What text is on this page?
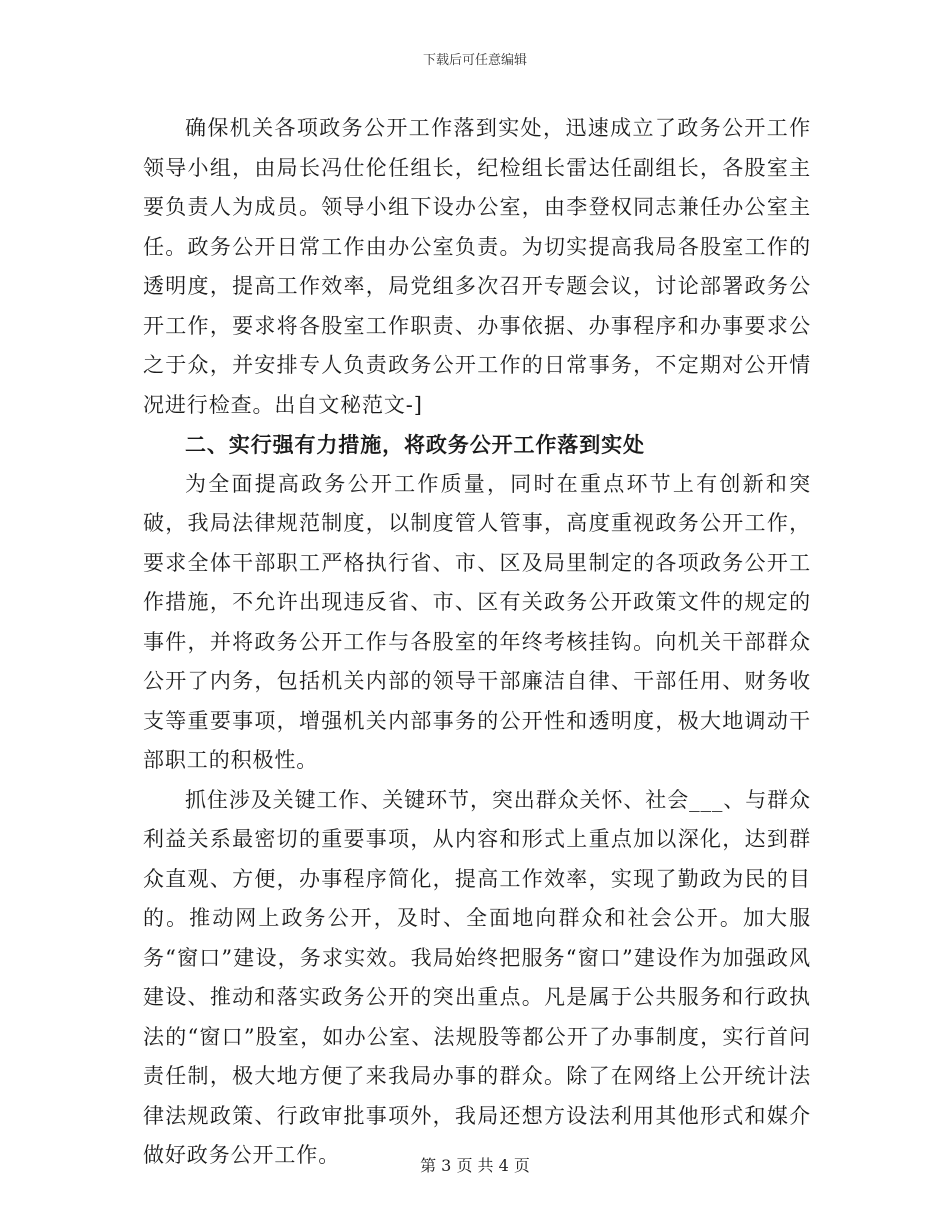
下载后可任意编辑

确保机关各项政务公开工作落到实处，迅速成立了政务公开工作领导小组，由局长冯仕伦任组长，纪检组长雷达任副组长，各股室主要负责人为成员。领导小组下设办公室，由李登权同志兼任办公室主任。政务公开日常工作由办公室负责。为切实提高我局各股室工作的透明度，提高工作效率，局党组多次召开专题会议，讨论部署政务公开工作，要求将各股室工作职责、办事依据、办事程序和办事要求公之于众，并安排专人负责政务公开工作的日常事务，不定期对公开情况进行检查。出自文秘范文-]

二、实行强有力措施，将政务公开工作落到实处

为全面提高政务公开工作质量，同时在重点环节上有创新和突破，我局法律规范制度，以制度管人管事，高度重视政务公开工作，要求全体干部职工严格执行省、市、区及局里制定的各项政务公开工作措施，不允许出现违反省、市、区有关政务公开政策文件的规定的事件，并将政务公开工作与各股室的年终考核挂钩。向机关干部群众公开了内务，包括机关内部的领导干部廉洁自律、干部任用、财务收支等重要事项，增强机关内部事务的公开性和透明度，极大地调动干部职工的积极性。

抓住涉及关键工作、关键环节，突出群众关怀、社会___、与群众利益关系最密切的重要事项，从内容和形式上重点加以深化，达到群众直观、方便，办事程序简化，提高工作效率，实现了勤政为民的目的。推动网上政务公开，及时、全面地向群众和社会公开。加大服务“窗口”建设，务求实效。我局始终把服务“窗口”建设作为加强政风建设、推动和落实政务公开的突出重点。凡是属于公共服务和行政执法的“窗口”股室，如办公室、法规股等都公开了办事制度，实行首问责任制，极大地方便了来我局办事的群众。除了在网络上公开统计法律法规政策、行政审批事项外，我局还想方设法利用其他形式和媒介做好政务公开工作。	第 3 页 共 4 页
